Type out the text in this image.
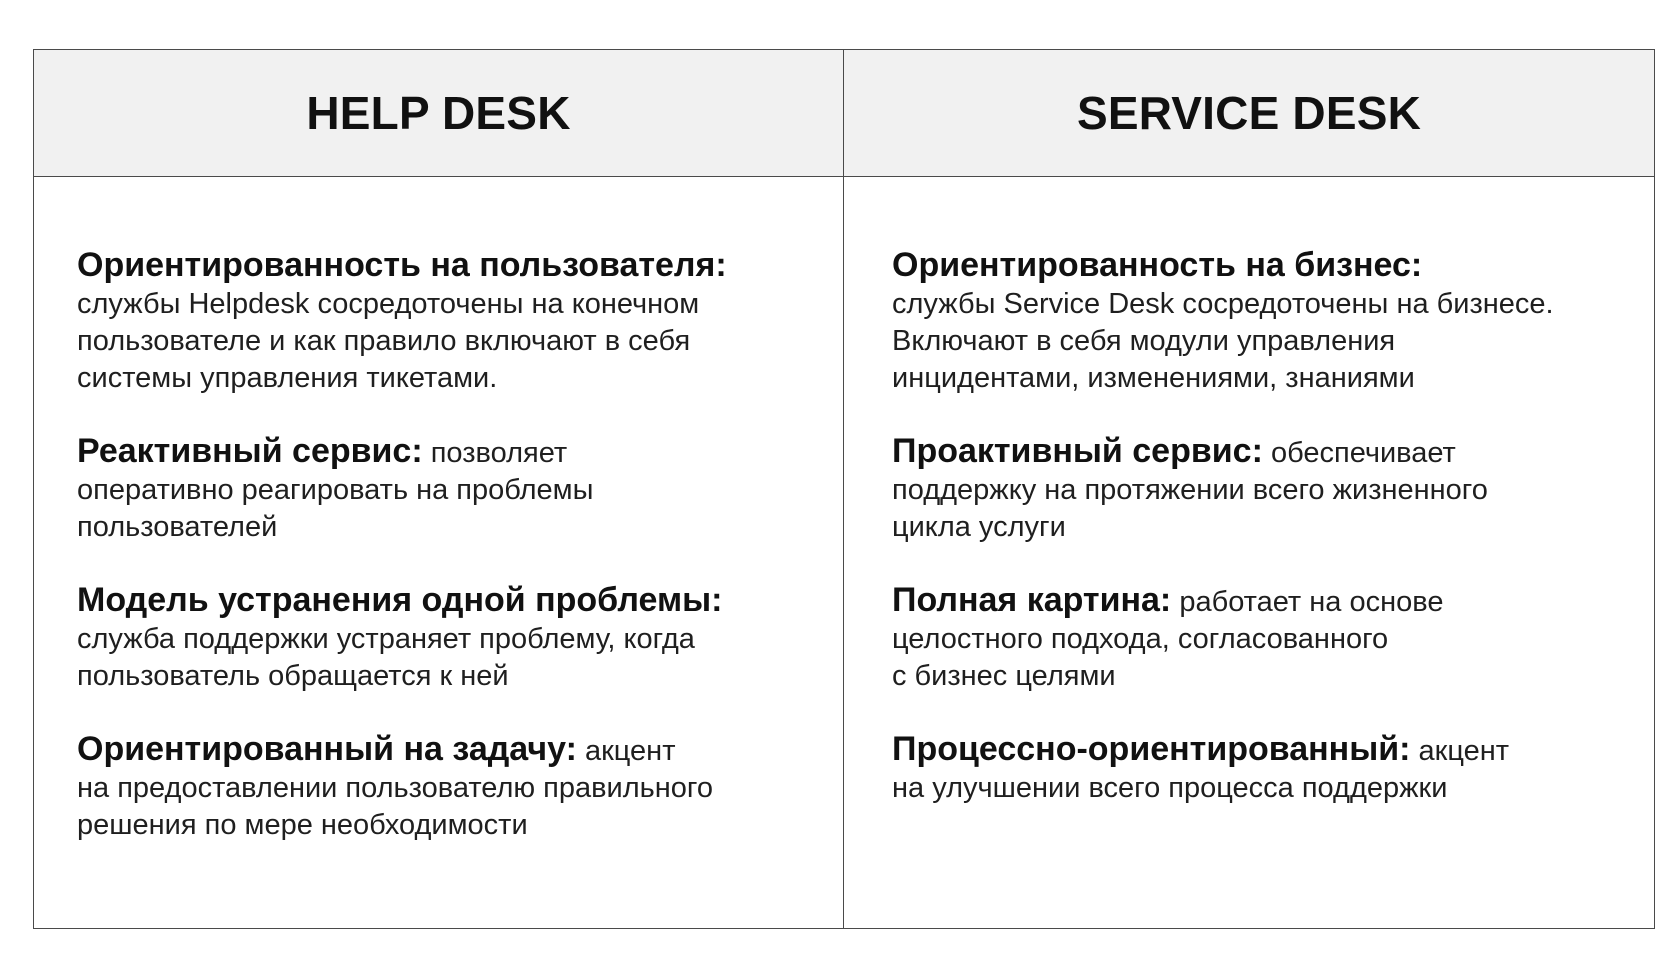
HELP DESK	SERVICE DESK
Ориентированность на пользователя:
службы Helpdesk сосредоточены на конечном
пользователе и как правило включают в себя
системы управления тикетами.
Реактивный сервис: позволяет
оперативно реагировать на проблемы
пользователей
Модель устранения одной проблемы:
служба поддержки устраняет проблему, когда
пользователь обращается к ней
Ориентированный на задачу: акцент
на предоставлении пользователю правильного
решения по мере необходимости
Ориентированность на бизнес:
службы Service Desk сосредоточены на бизнесе.
Включают в себя модули управления
инцидентами, изменениями, знаниями
Проактивный сервис: обеспечивает
поддержку на протяжении всего жизненного
цикла услуги
Полная картина: работает на основе
целостного подхода, согласованного
с бизнес целями
Процессно-ориентированный: акцент
на улучшении всего процесса поддержки
